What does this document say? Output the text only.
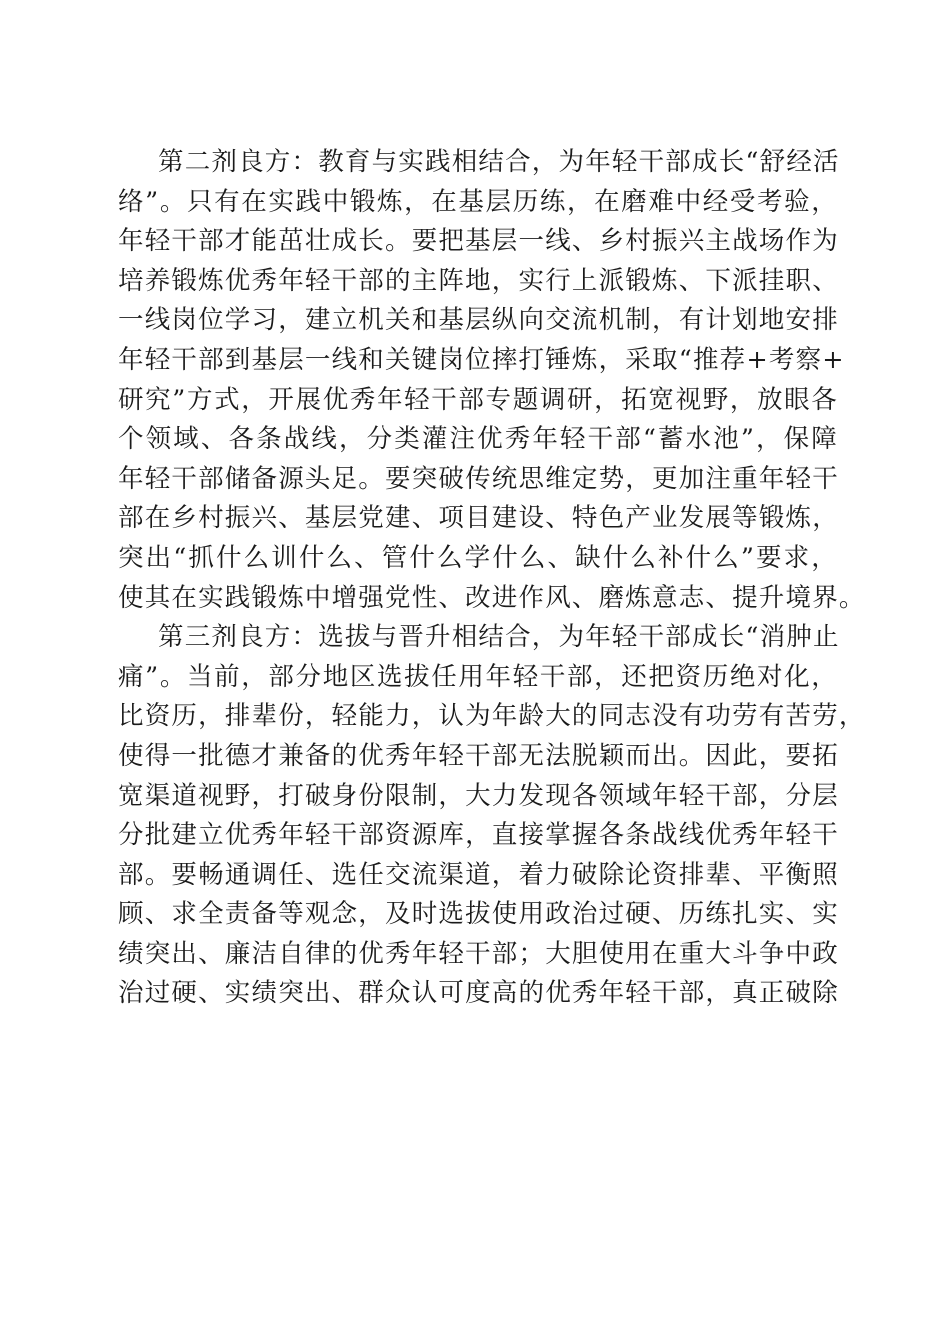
第二剂良方：教育与实践相结合，为年轻干部成长“舒经活
络”。只有在实践中锻炼，在基层历练，在磨难中经受考验，
年轻干部才能茁壮成长。要把基层一线、乡村振兴主战场作为
培养锻炼优秀年轻干部的主阵地，实行上派锻炼、下派挂职、
一线岗位学习，建立机关和基层纵向交流机制，有计划地安排
年轻干部到基层一线和关键岗位摔打锤炼，采取“推荐+考察+
研究”方式，开展优秀年轻干部专题调研，拓宽视野，放眼各
个领域、各条战线，分类灌注优秀年轻干部“蓄水池”，保障
年轻干部储备源头足。要突破传统思维定势，更加注重年轻干
部在乡村振兴、基层党建、项目建设、特色产业发展等锻炼，
突出“抓什么训什么、管什么学什么、缺什么补什么”要求，
使其在实践锻炼中增强党性、改进作风、磨炼意志、提升境界。
第三剂良方：选拔与晋升相结合，为年轻干部成长“消肿止
痛”。当前，部分地区选拔任用年轻干部，还把资历绝对化，
比资历，排辈份，轻能力，认为年龄大的同志没有功劳有苦劳，
使得一批德才兼备的优秀年轻干部无法脱颖而出。因此，要拓
宽渠道视野，打破身份限制，大力发现各领域年轻干部，分层
分批建立优秀年轻干部资源库，直接掌握各条战线优秀年轻干
部。要畅通调任、选任交流渠道，着力破除论资排辈、平衡照
顾、求全责备等观念，及时选拔使用政治过硬、历练扎实、实
绩突出、廉洁自律的优秀年轻干部；大胆使用在重大斗争中政
治过硬、实绩突出、群众认可度高的优秀年轻干部，真正破除
